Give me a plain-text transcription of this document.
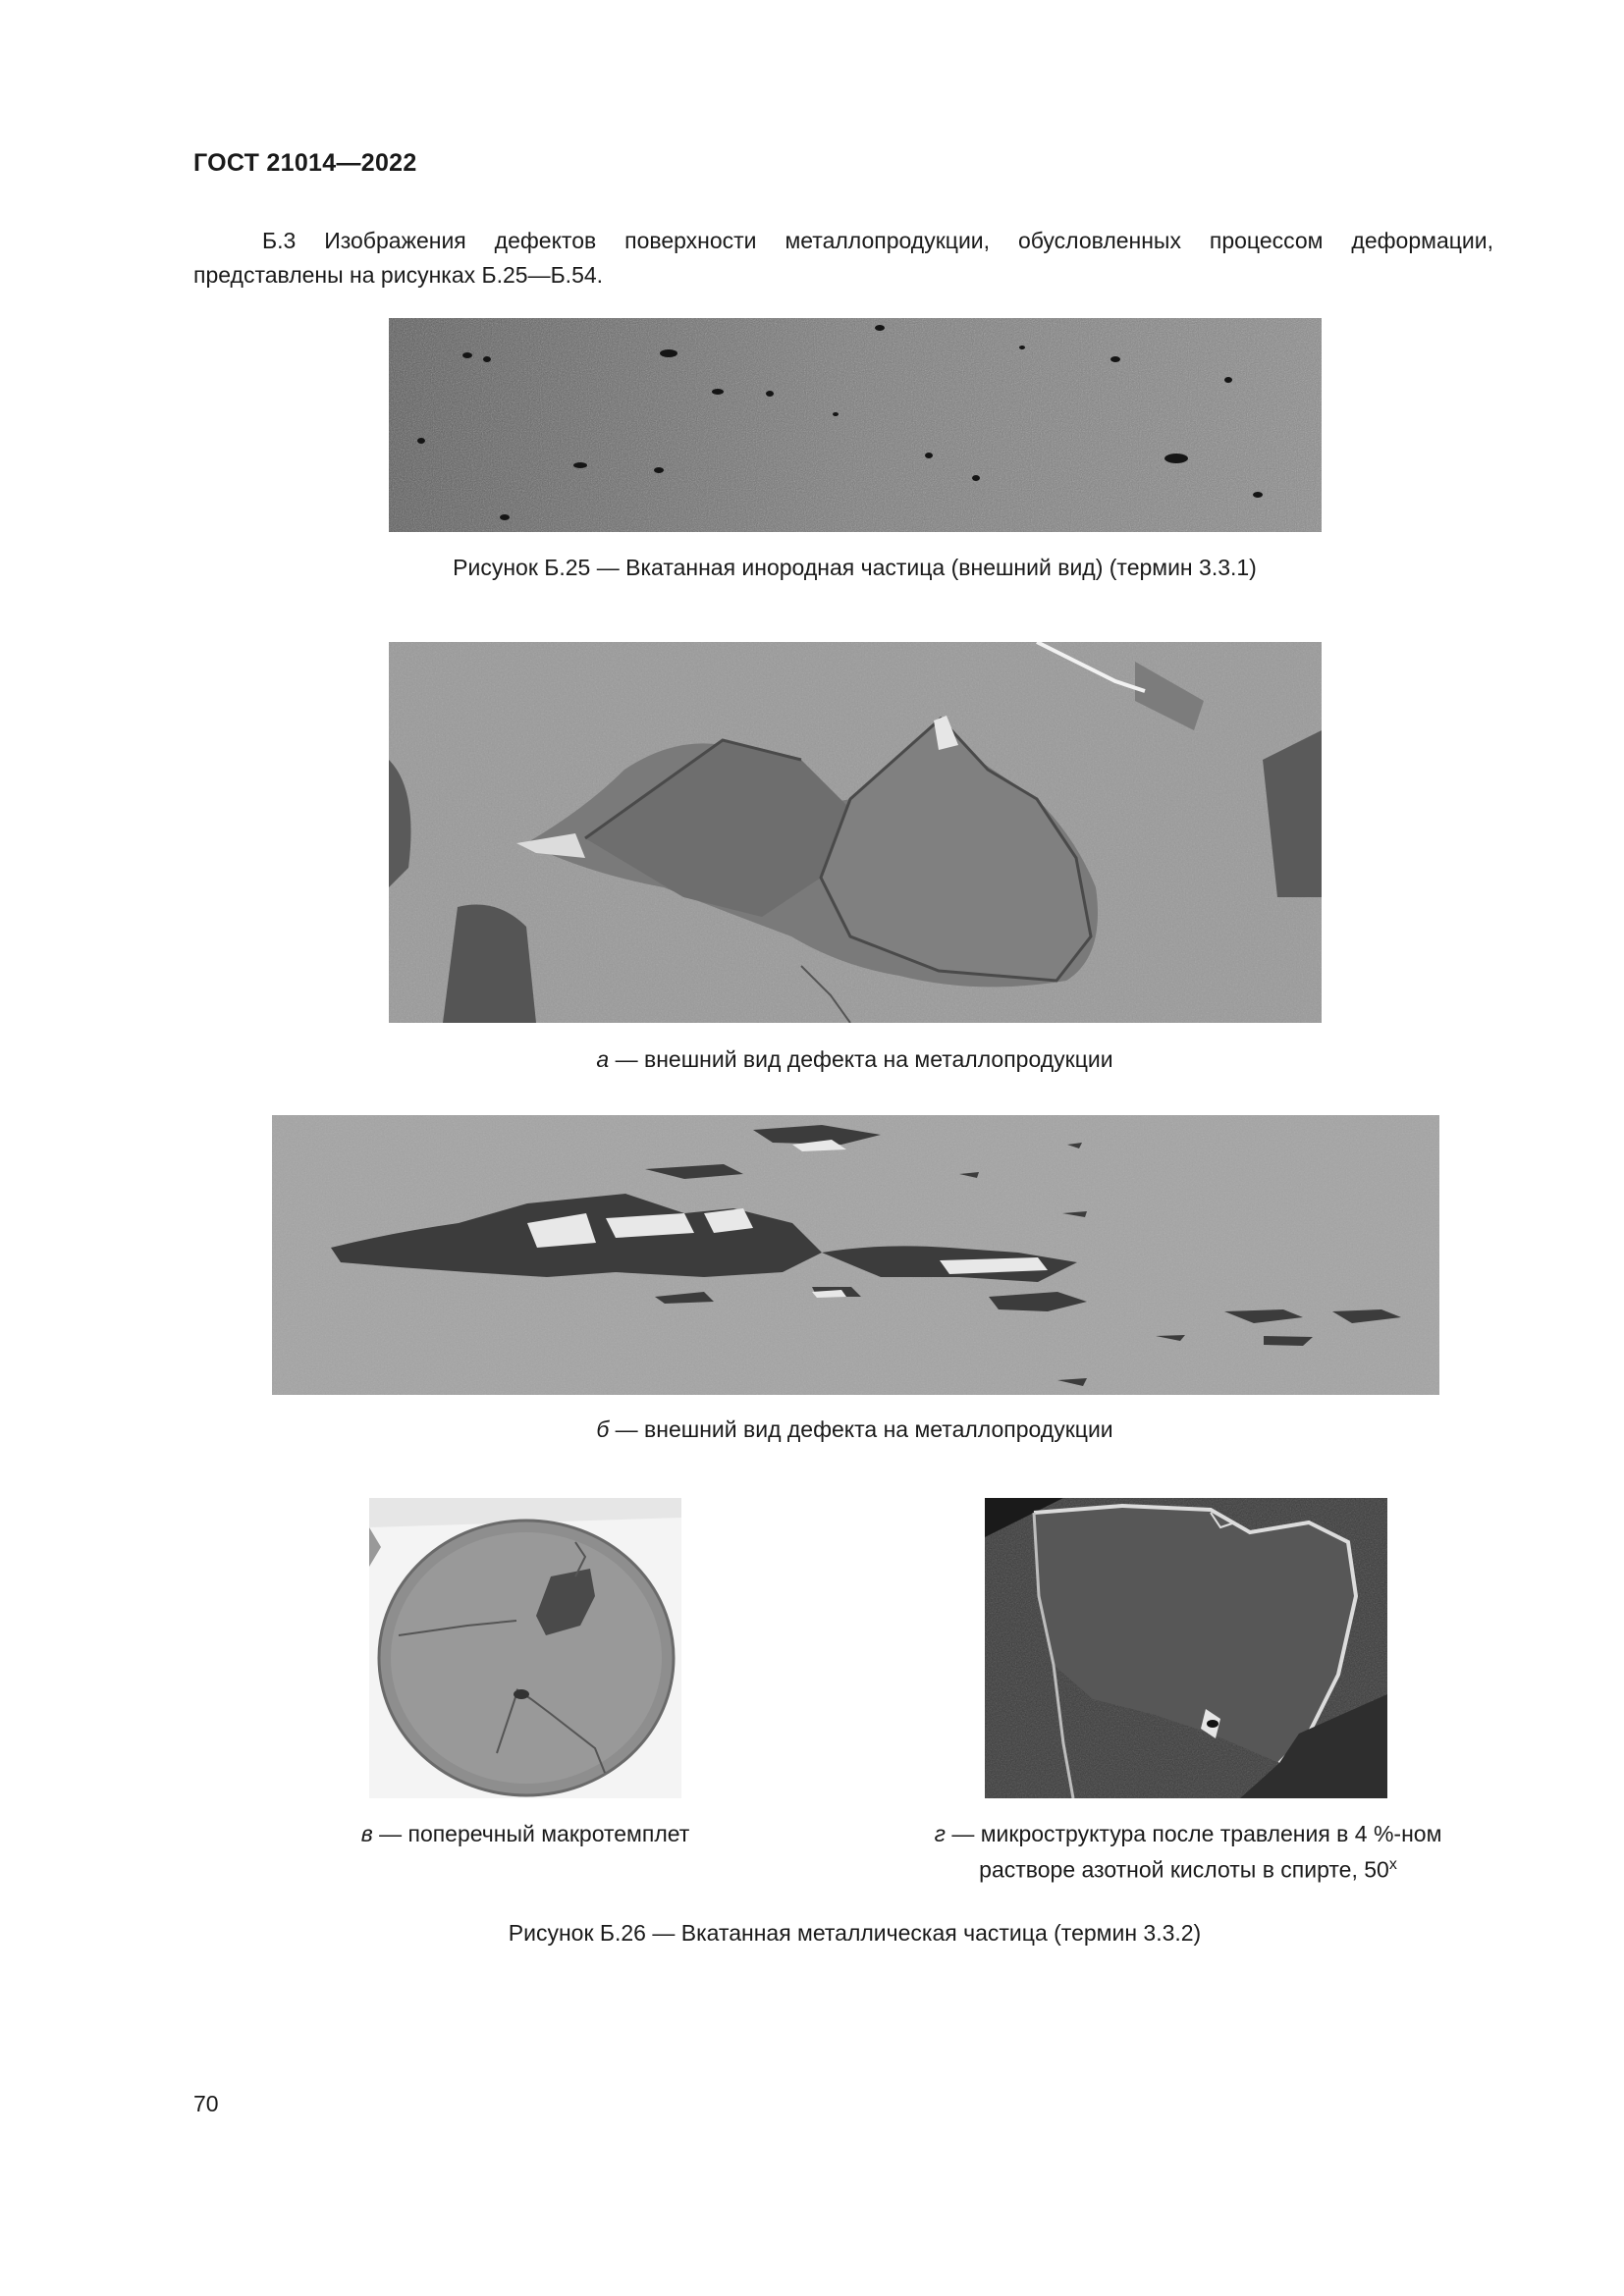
ГОСТ 21014—2022
Б.3 Изображения дефектов поверхности металлопродукции, обусловленных процессом деформации, представлены на рисунках Б.25—Б.54.
Рисунок Б.25 — Вкатанная инородная частица (внешний вид) (термин 3.3.1)
а — внешний вид дефекта на металлопродукции
б — внешний вид дефекта на металлопродукции
в — поперечный макротемплет	г — микроструктура после травления в 4 %-ном
растворе азотной кислоты в спирте, 50$^x$
Рисунок Б.26 — Вкатанная металлическая частица (термин 3.3.2)
70
